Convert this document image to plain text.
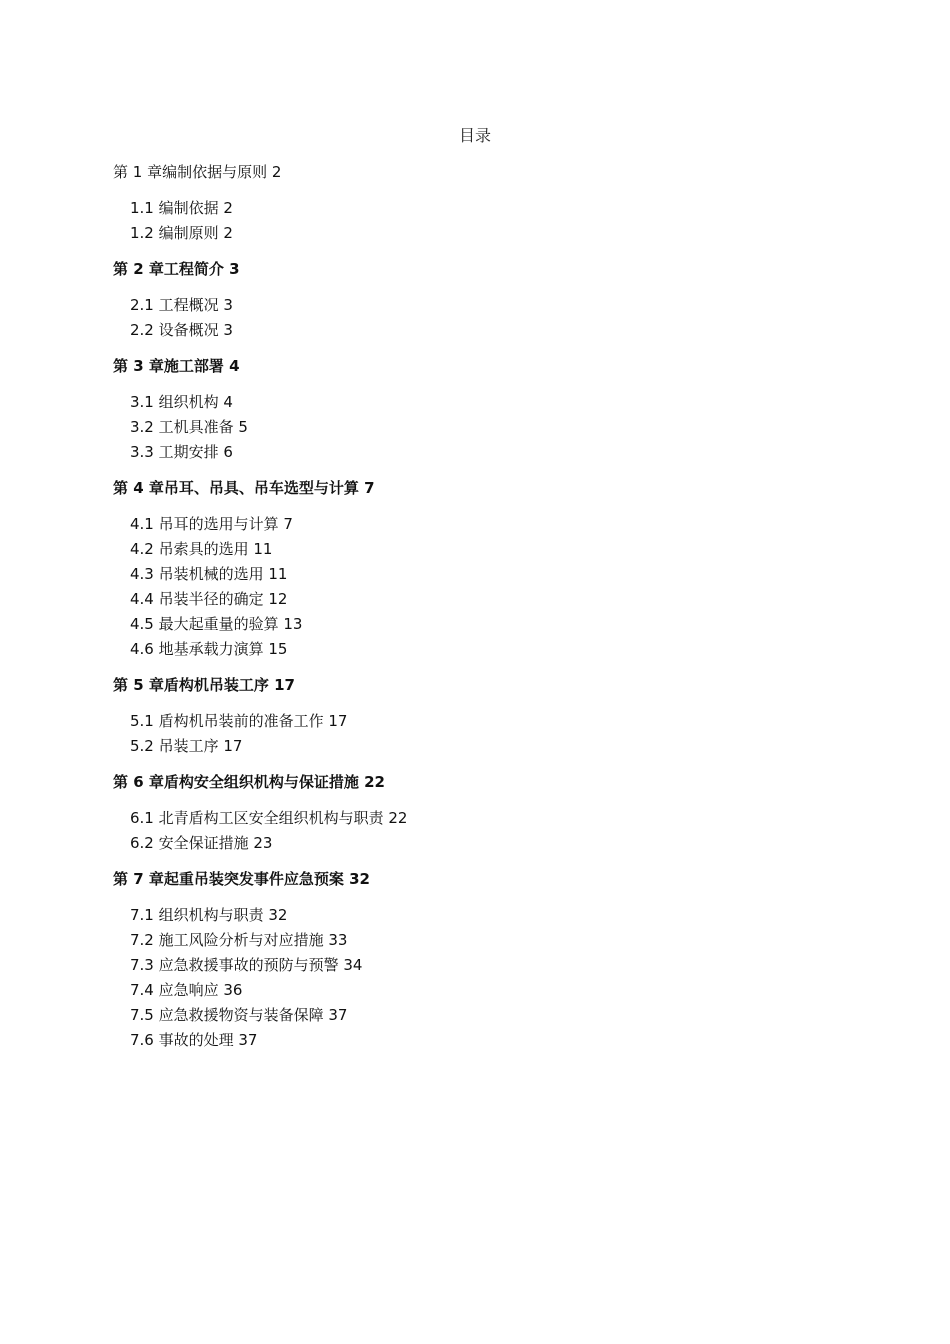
目录
第 1 章编制依据与原则 2
1.1 编制依据 2
1.2 编制原则 2
第 2 章工程简介 3
2.1 工程概况 3
2.2 设备概况 3
第 3 章施工部署 4
3.1 组织机构 4
3.2 工机具准备 5
3.3 工期安排 6
第 4 章吊耳、吊具、吊车选型与计算 7
4.1 吊耳的选用与计算 7
4.2 吊索具的选用 11
4.3 吊装机械的选用 11
4.4 吊装半径的确定 12
4.5 最大起重量的验算 13
4.6 地基承载力演算 15
第 5 章盾构机吊装工序 17
5.1 盾构机吊装前的准备工作 17
5.2 吊装工序 17
第 6 章盾构安全组织机构与保证措施 22
6.1 北青盾构工区安全组织机构与职责 22
6.2 安全保证措施 23
第 7 章起重吊装突发事件应急预案 32
7.1 组织机构与职责 32
7.2 施工风险分析与对应措施 33
7.3 应急救援事故的预防与预警 34
7.4 应急响应 36
7.5 应急救援物资与装备保障 37
7.6 事故的处理 37
